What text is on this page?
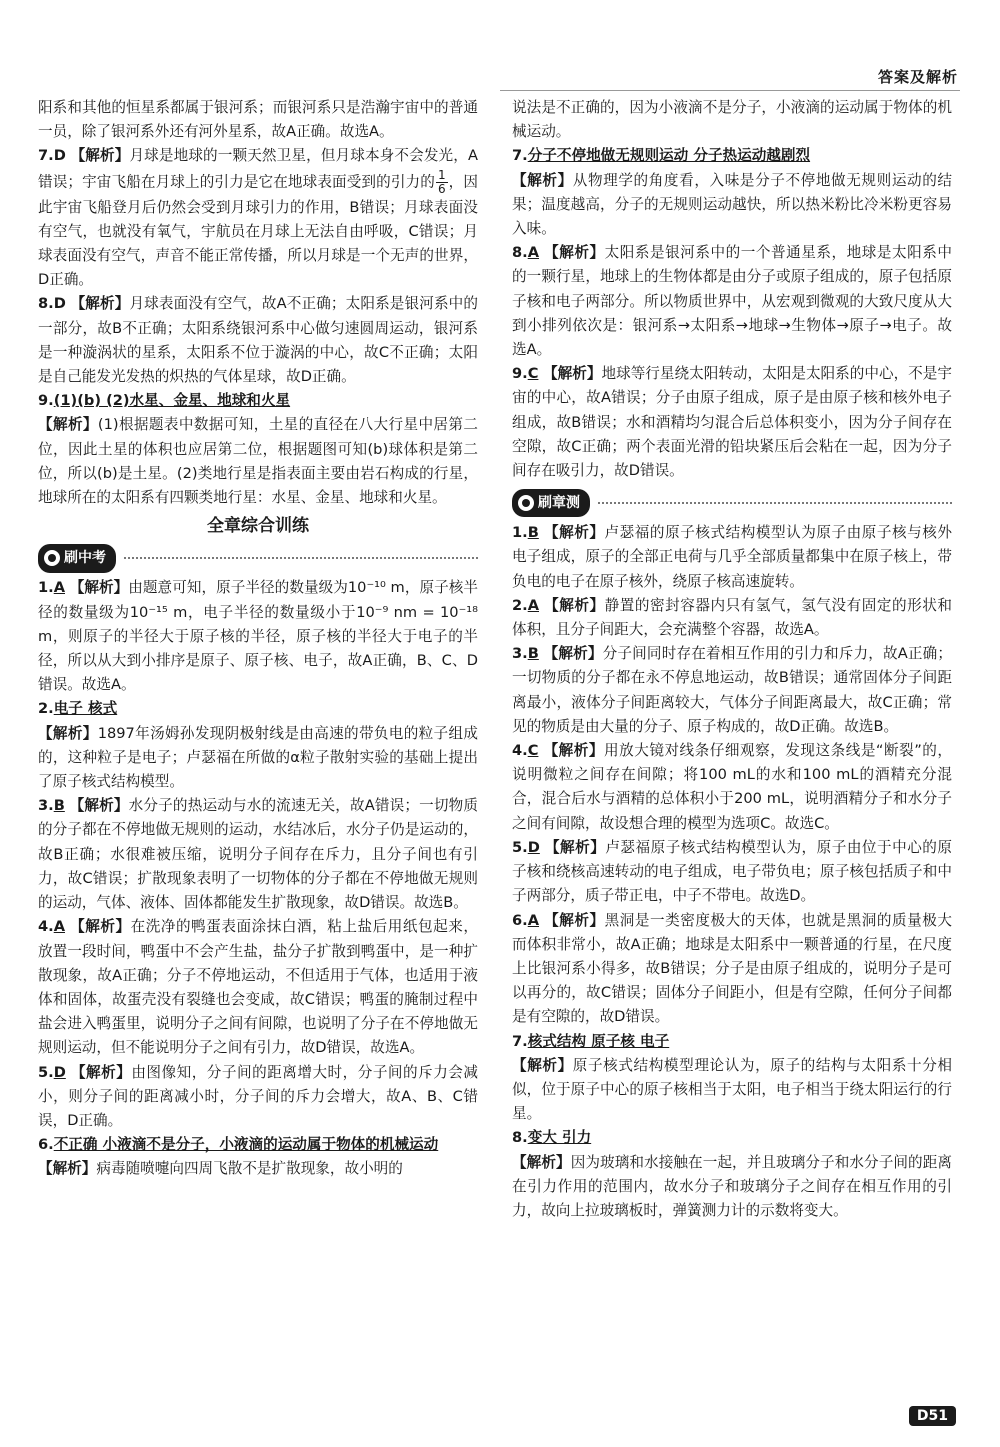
答案及解析

阳系和其他的恒星系都属于银河系；而银河系只是浩瀚宇宙中的普通一员，除了银河系外还有河外星系，故A正确。故选A。

7.D 【解析】月球是地球的一颗天然卫星，但月球本身不会发光，A错误；宇宙飞船在月球上的引力是它在地球表面受到的引力的 $\frac{1}{6}$ ，因此宇宙飞船登月后仍然会受到月球引力的作用，B错误；月球表面没有空气，也就没有氧气，宇航员在月球上无法自由呼吸，C错误；月球表面没有空气，声音不能正常传播，所以月球是一个无声的世界，D正确。

8.D 【解析】月球表面没有空气，故A不正确；太阳系是银河系中的一部分，故B不正确；太阳系绕银河系中心做匀速圆周运动，银河系是一种漩涡状的星系，太阳系不位于漩涡的中心，故C不正确；太阳是自己能发光发热的炽热的气体星球，故D正确。

9.(1)(b) (2)水星、金星、地球和火星
【解析】(1)根据题表中数据可知，土星的直径在八大行星中居第二位，因此土星的体积也应居第二位，根据题图可知(b)球体积是第二位，所以(b)是土星。(2)类地行星是指表面主要由岩石构成的行星，地球所在的太阳系有四颗类地行星：水星、金星、地球和火星。

全章综合训练
刷中考

1.A 【解析】由题意可知，原子半径的数量级为10⁻¹⁰ m，原子核半径的数量级为10⁻¹⁵ m，电子半径的数量级小于10⁻⁹ nm = 10⁻¹⁸ m，则原子的半径大于原子核的半径，原子核的半径大于电子的半径，所以从大到小排序是原子、原子核、电子，故A正确，B、C、D错误。故选A。

2.电子 核式
【解析】1897年汤姆孙发现阴极射线是由高速的带负电的粒子组成的，这种粒子是电子；卢瑟福在所做的α粒子散射实验的基础上提出了原子核式结构模型。

3.B 【解析】水分子的热运动与水的流速无关，故A错误；一切物质的分子都在不停地做无规则的运动，水结冰后，水分子仍是运动的，故B正确；水很难被压缩，说明分子间存在斥力，且分子间也有引力，故C错误；扩散现象表明了一切物体的分子都在不停地做无规则的运动，气体、液体、固体都能发生扩散现象，故D错误。故选B。

4.A 【解析】在洗净的鸭蛋表面涂抹白酒，粘上盐后用纸包起来，放置一段时间，鸭蛋中不会产生盐，盐分子扩散到鸭蛋中，是一种扩散现象，故A正确；分子不停地运动，不但适用于气体，也适用于液体和固体，故蛋壳没有裂缝也会变咸，故C错误；鸭蛋的腌制过程中盐会进入鸭蛋里，说明分子之间有间隙，也说明了分子在不停地做无规则运动，但不能说明分子之间有引力，故D错误，故选A。

5.D 【解析】由图像知，分子间的距离增大时，分子间的斥力会减小，则分子间的距离减小时，分子间的斥力会增大，故A、B、C错误，D正确。

6.不正确 小液滴不是分子，小液滴的运动属于物体的机械运动
【解析】病毒随喷嚏向四周飞散不是扩散现象，故小明的

说法是不正确的，因为小液滴不是分子，小液滴的运动属于物体的机械运动。

7.分子不停地做无规则运动 分子热运动越剧烈
【解析】从物理学的角度看，入味是分子不停地做无规则运动的结果；温度越高，分子的无规则运动越快，所以热米粉比冷米粉更容易入味。

8.A 【解析】太阳系是银河系中的一个普通星系，地球是太阳系中的一颗行星，地球上的生物体都是由分子或原子组成的，原子包括原子核和电子两部分。所以物质世界中，从宏观到微观的大致尺度从大到小排列依次是：银河系→太阳系→地球→生物体→原子→电子。故选A。

9.C 【解析】地球等行星绕太阳转动，太阳是太阳系的中心，不是宇宙的中心，故A错误；分子由原子组成，原子是由原子核和核外电子组成，故B错误；水和酒精均匀混合后总体积变小，因为分子间存在空隙，故C正确；两个表面光滑的铅块紧压后会粘在一起，因为分子间存在吸引力，故D错误。

刷章测

1.B 【解析】卢瑟福的原子核式结构模型认为原子由原子核与核外电子组成，原子的全部正电荷与几乎全部质量都集中在原子核上，带负电的电子在原子核外，绕原子核高速旋转。

2.A 【解析】静置的密封容器内只有氢气，氢气没有固定的形状和体积，且分子间距大，会充满整个容器，故选A。

3.B 【解析】分子间同时存在着相互作用的引力和斥力，故A正确；一切物质的分子都在永不停息地运动，故B错误；通常固体分子间距离最小，液体分子间距离较大，气体分子间距离最大，故C正确；常见的物质是由大量的分子、原子构成的，故D正确。故选B。

4.C 【解析】用放大镜对线条仔细观察，发现这条线是“断裂”的，说明微粒之间存在间隙；将100 mL的水和100 mL的酒精充分混合，混合后水与酒精的总体积小于200 mL，说明酒精分子和水分子之间有间隙，故设想合理的模型为选项C。故选C。

5.D 【解析】卢瑟福原子核式结构模型认为，原子由位于中心的原子核和绕核高速转动的电子组成，电子带负电；原子核包括质子和中子两部分，质子带正电，中子不带电。故选D。

6.A 【解析】黑洞是一类密度极大的天体，也就是黑洞的质量极大而体积非常小，故A正确；地球是太阳系中一颗普通的行星，在尺度上比银河系小得多，故B错误；分子是由原子组成的，说明分子是可以再分的，故C错误；固体分子间距小，但是有空隙，任何分子间都是有空隙的，故D错误。

7.核式结构 原子核 电子
【解析】原子核式结构模型理论认为，原子的结构与太阳系十分相似，位于原子中心的原子核相当于太阳，电子相当于绕太阳运行的行星。

8.变大 引力
【解析】因为玻璃和水接触在一起，并且玻璃分子和水分子间的距离在引力作用的范围内，故水分子和玻璃分子之间存在相互作用的引力，故向上拉玻璃板时，弹簧测力计的示数将变大。

D51
